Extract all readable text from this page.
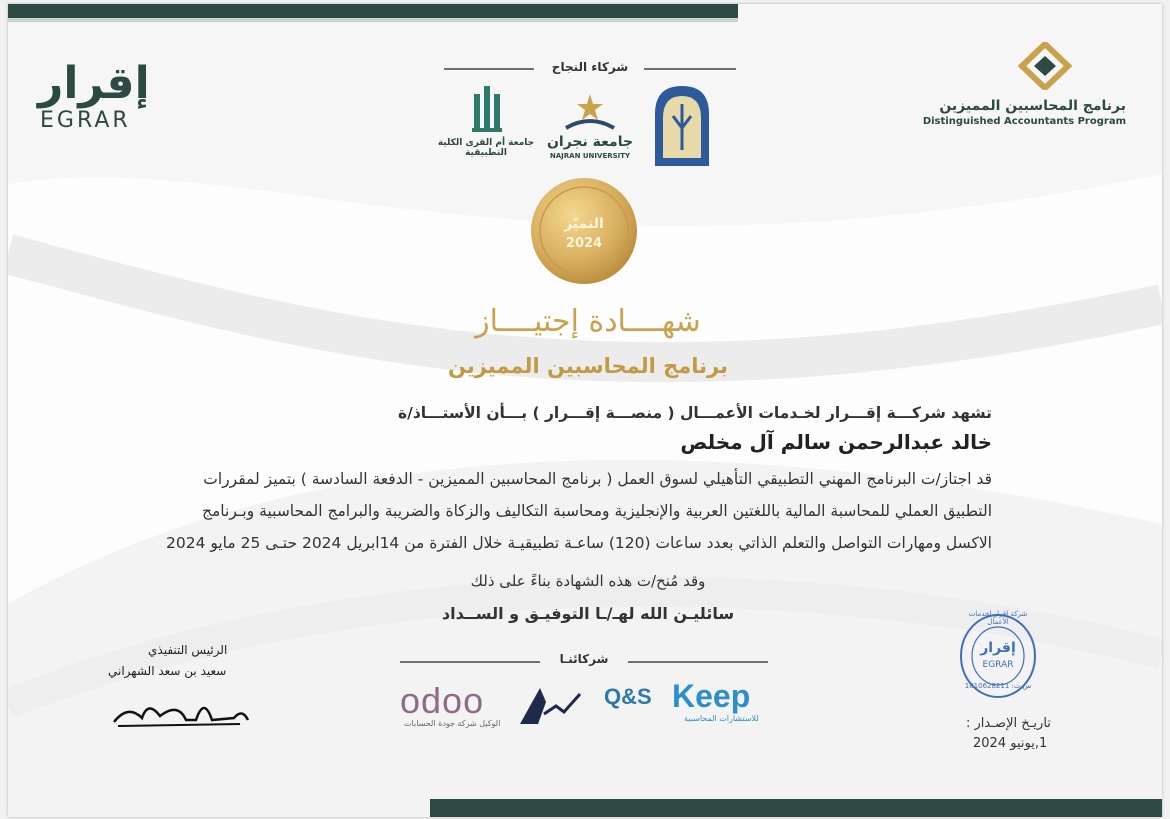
إقرار
EGRAR
برنامج المحاسبين المميزين
Distinguished Accountants Program
شركاء النجاح
جامعة أم القرى الكلية التطبيقية
جامعة نجران
NAJRAN UNIVERSITY
التميّز
2024
شهــــادة إجتيــــاز
برنامج المحاسبين المميزين
تشهد شركـــة إقـــرار لخـدمات الأعمـــال ( منصـــة إقـــرار ) بـــأن الأستـــاذ/ة
خالد عبدالرحمن سالم آل مخلص
قد اجتاز/ت البرنامج المهني التطبيقي التأهيلي لسوق العمل ( برنامج المحاسبين المميزين - الدفعة السادسة ) بتميز لمقررات
التطبيق العملي للمحاسبة المالية باللغتين العربية والإنجليزية ومحاسبة التكاليف والزكاة والضريبة والبرامج المحاسبية وبـرنامج
الاكسل ومهارات التواصل والتعلم الذاتي بعدد ساعات (120) ساعـة تطبيقيـة خلال الفترة من 14ابريل 2024 حتـى 25 مايو 2024
وقد مُنح/ت هذه الشهادة بناءً على ذلك
سائليـن الله لهـ/ـا التوفيـق و الســداد
الرئيس التنفيذي
سعيد بن سعد الشهراني
شركائنـا
odoo
الوكيل شركة جودة الحسابات
Q&S Keep
للاستشارات المحاسبية
شركة إقرار لخدمات الأعمال
إقرار
EGRAR
س.ت: 1010628211
تاريـخ الإصـدار :
1,يونيو 2024
